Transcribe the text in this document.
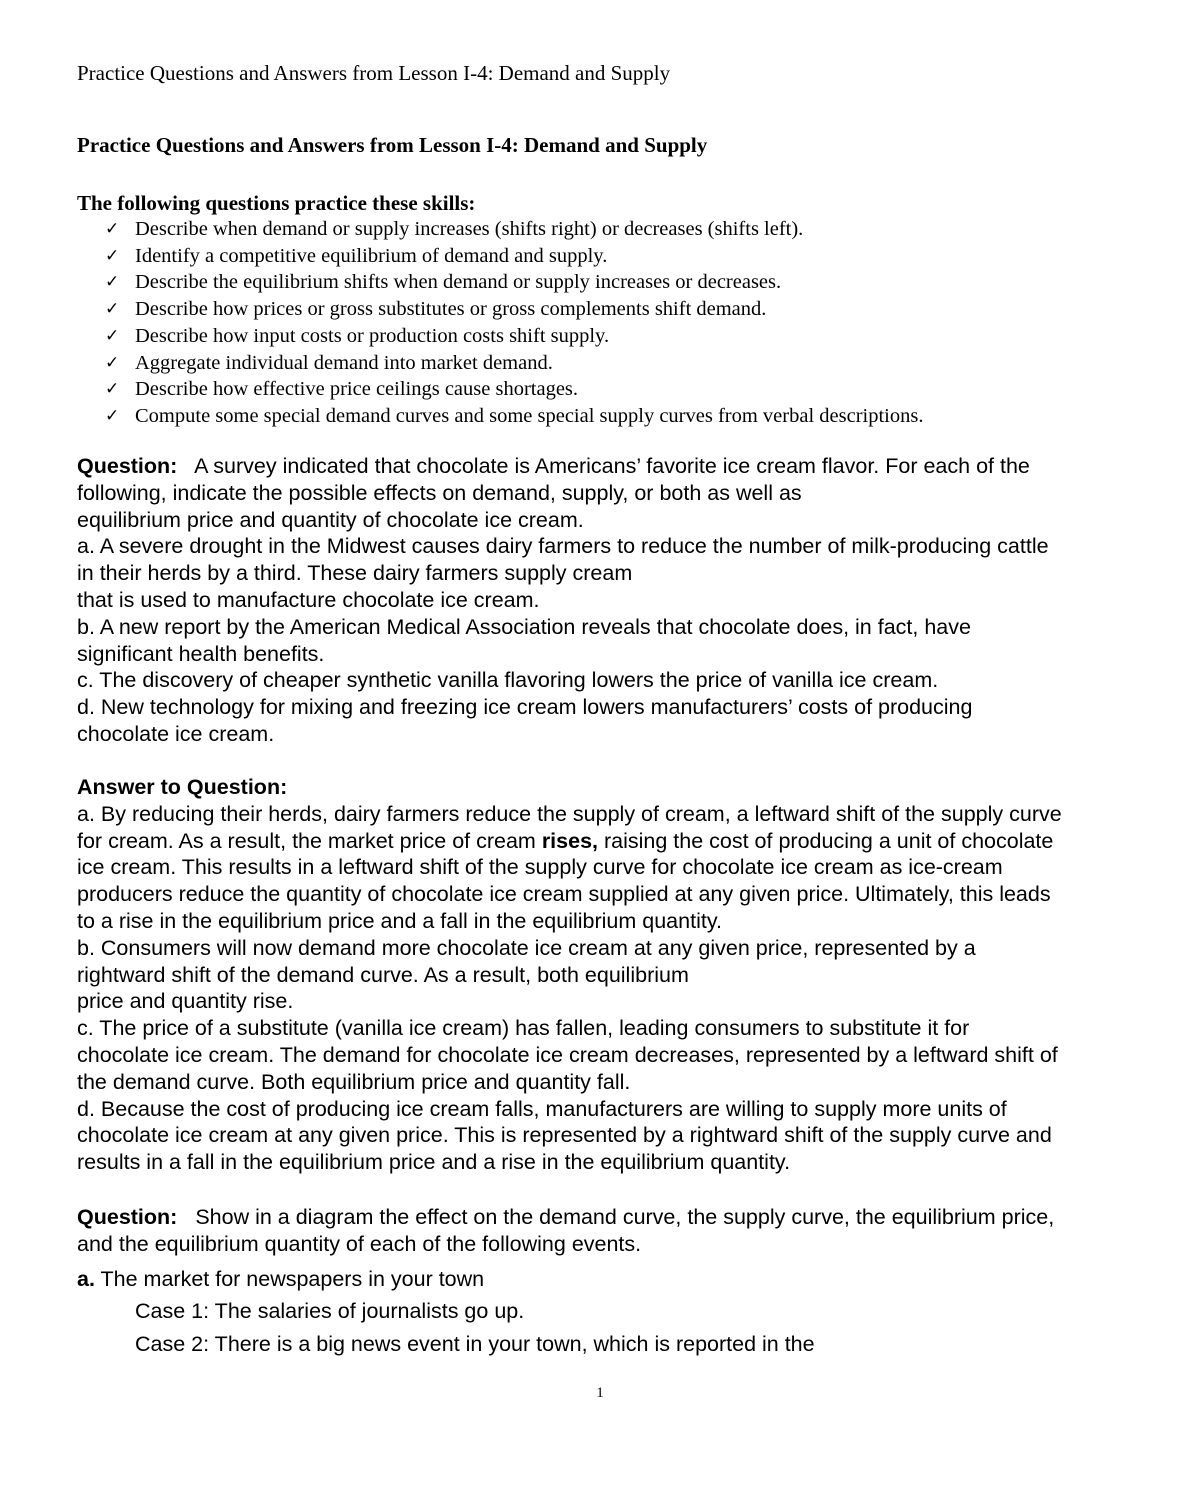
Practice Questions and Answers from Lesson I-4: Demand and Supply
Practice Questions and Answers from Lesson I-4: Demand and Supply
The following questions practice these skills:
✓ Describe when demand or supply increases (shifts right) or decreases (shifts left).
✓ Identify a competitive equilibrium of demand and supply.
✓ Describe the equilibrium shifts when demand or supply increases or decreases.
✓ Describe how prices or gross substitutes or gross complements shift demand.
✓ Describe how input costs or production costs shift supply.
✓ Aggregate individual demand into market demand.
✓ Describe how effective price ceilings cause shortages.
✓ Compute some special demand curves and some special supply curves from verbal descriptions.

Question: A survey indicated that chocolate is Americans’ favorite ice cream flavor. For each of the

following, indicate the possible effects on demand, supply, or both as well as

equilibrium price and quantity of chocolate ice cream.

a. A severe drought in the Midwest causes dairy farmers to reduce the number of milk-producing cattle

in their herds by a third. These dairy farmers supply cream

that is used to manufacture chocolate ice cream.

b. A new report by the American Medical Association reveals that chocolate does, in fact, have

significant health benefits.

c. The discovery of cheaper synthetic vanilla flavoring lowers the price of vanilla ice cream.

d. New technology for mixing and freezing ice cream lowers manufacturers’ costs of producing

chocolate ice cream.

Answer to Question:

a. By reducing their herds, dairy farmers reduce the supply of cream, a leftward shift of the supply curve

for cream. As a result, the market price of cream rises, raising the cost of producing a unit of chocolate

ice cream. This results in a leftward shift of the supply curve for chocolate ice cream as ice-cream

producers reduce the quantity of chocolate ice cream supplied at any given price. Ultimately, this leads

to a rise in the equilibrium price and a fall in the equilibrium quantity.

b. Consumers will now demand more chocolate ice cream at any given price, represented by a

rightward shift of the demand curve. As a result, both equilibrium

price and quantity rise.

c. The price of a substitute (vanilla ice cream) has fallen, leading consumers to substitute it for

chocolate ice cream. The demand for chocolate ice cream decreases, represented by a leftward shift of

the demand curve. Both equilibrium price and quantity fall.

d. Because the cost of producing ice cream falls, manufacturers are willing to supply more units of

chocolate ice cream at any given price. This is represented by a rightward shift of the supply curve and

results in a fall in the equilibrium price and a rise in the equilibrium quantity.

Question: Show in a diagram the effect on the demand curve, the supply curve, the equilibrium price,

and the equilibrium quantity of each of the following events.

a. The market for newspapers in your town

Case 1: The salaries of journalists go up.
Case 2: There is a big news event in your town, which is reported in the
1
